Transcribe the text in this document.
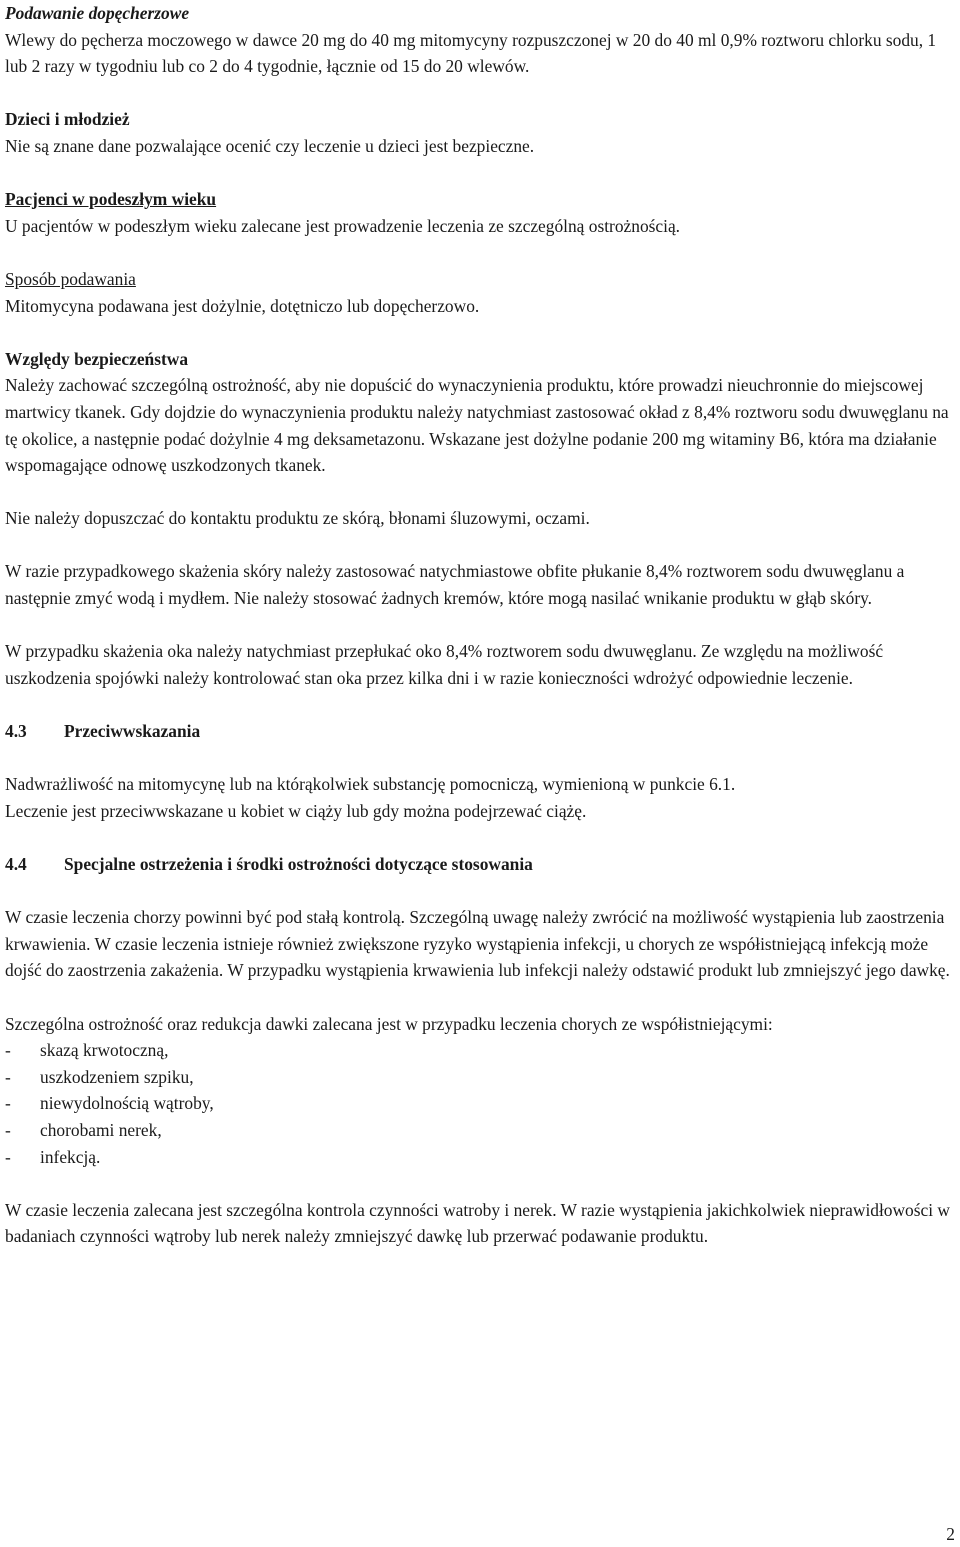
Podawanie dopęcherzowe

Wlewy do pęcherza moczowego w dawce 20 mg do 40 mg mitomycyny rozpuszczonej w 20 do 40 ml 0,9% roztworu chlorku sodu, 1 lub 2 razy w tygodniu lub co 2 do 4 tygodnie, łącznie od 15 do 20 wlewów.

Dzieci i młodzież

Nie są znane dane pozwalające ocenić czy leczenie u dzieci jest bezpieczne.

Pacjenci w podeszłym wieku

U pacjentów w podeszłym wieku zalecane jest prowadzenie leczenia ze szczególną ostrożnością.

Sposób podawania

Mitomycyna podawana jest dożylnie, dotętniczo lub dopęcherzowo.

Względy bezpieczeństwa

Należy zachować szczególną ostrożność, aby nie dopuścić do wynaczynienia produktu, które prowadzi nieuchronnie do miejscowej martwicy tkanek. Gdy dojdzie do wynaczynienia produktu należy natychmiast zastosować okład z 8,4% roztworu sodu dwuwęglanu na tę okolice, a następnie podać dożylnie 4 mg deksametazonu. Wskazane jest dożylne podanie 200 mg witaminy B6, która ma działanie wspomagające odnowę uszkodzonych tkanek.

Nie należy dopuszczać do kontaktu produktu ze skórą, błonami śluzowymi, oczami.

W razie przypadkowego skażenia skóry należy zastosować natychmiastowe obfite płukanie 8,4% roztworem sodu dwuwęglanu a następnie zmyć wodą i mydłem. Nie należy stosować żadnych kremów, które mogą nasilać wnikanie produktu w głąb skóry.

W przypadku skażenia oka należy natychmiast przepłukać oko 8,4% roztworem sodu dwuwęglanu. Ze względu na możliwość uszkodzenia spojówki należy kontrolować stan oka przez kilka dni i w razie konieczności wdrożyć odpowiednie leczenie.

4.3	Przeciwwskazania

Nadwrażliwość na mitomycynę lub na którąkolwiek substancję pomocniczą, wymienioną w punkcie 6.1.

Leczenie jest przeciwwskazane u kobiet w ciąży lub gdy można podejrzewać ciążę.

4.4	Specjalne ostrzeżenia i środki ostrożności dotyczące stosowania

W czasie leczenia chorzy powinni być pod stałą kontrolą. Szczególną uwagę należy zwrócić na możliwość wystąpienia lub zaostrzenia krwawienia. W czasie leczenia istnieje również zwiększone ryzyko wystąpienia infekcji, u chorych ze współistniejącą infekcją może dojść do zaostrzenia zakażenia. W przypadku wystąpienia krwawienia lub infekcji należy odstawić produkt lub zmniejszyć jego dawkę.

Szczególna ostrożność oraz redukcja dawki zalecana jest w przypadku leczenia chorych ze współistniejącymi:

-	skazą krwotoczną,
-	uszkodzeniem szpiku,
-	niewydolnością wątroby,
-	chorobami nerek,
-	infekcją.

W czasie leczenia zalecana jest szczególna kontrola czynności watroby i nerek. W razie wystąpienia jakichkolwiek nieprawidłowości w badaniach czynności wątroby lub nerek należy zmniejszyć dawkę lub przerwać podawanie produktu.

2
